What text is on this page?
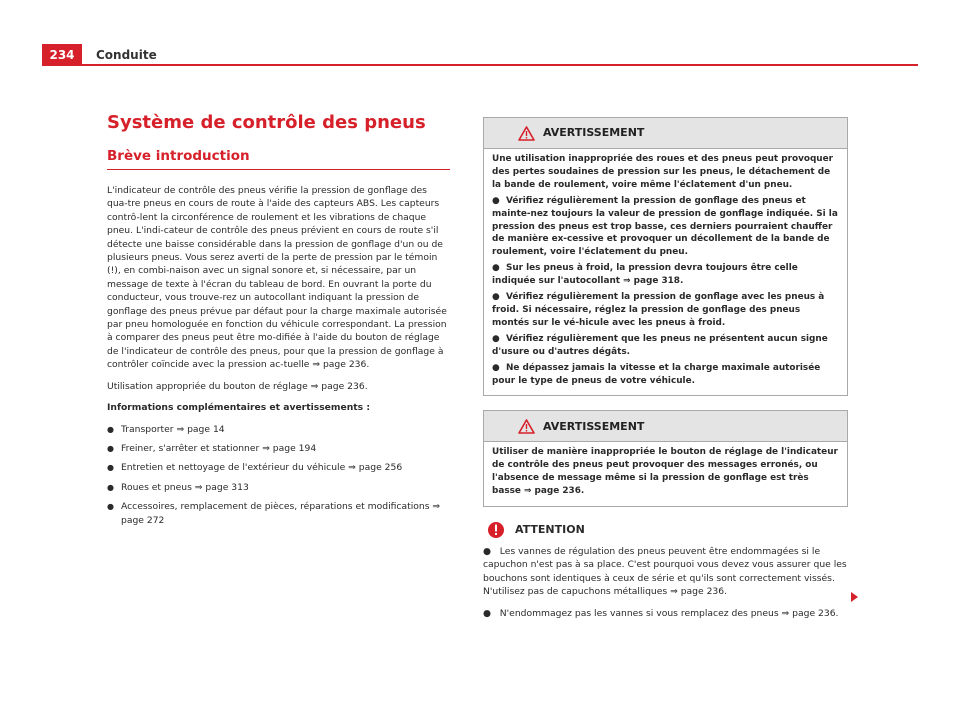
234	Conduite
Système de contrôle des pneus
Brève introduction

L'indicateur de contrôle des pneus vérifie la pression de gonflage des qua-tre pneus en cours de route à l'aide des capteurs ABS. Les capteurs contrô-lent la circonférence de roulement et les vibrations de chaque pneu. L'indi-cateur de contrôle des pneus prévient en cours de route s'il détecte une baisse considérable dans la pression de gonflage d'un ou de plusieurs pneus. Vous serez averti de la perte de pression par le témoin (!), en combi-naison avec un signal sonore et, si nécessaire, par un message de texte à l'écran du tableau de bord. En ouvrant la porte du conducteur, vous trouve-rez un autocollant indiquant la pression de gonflage des pneus prévue par défaut pour la charge maximale autorisée par pneu homologuée en fonction du véhicule correspondant. La pression à comparer des pneus peut être mo-difiée à l'aide du bouton de réglage de l'indicateur de contrôle des pneus, pour que la pression de gonflage à contrôler coïncide avec la pression ac-tuelle ⇒ page 236.

Utilisation appropriée du bouton de réglage ⇒ page 236.

Informations complémentaires et avertissements :

● Transporter ⇒ page 14
● Freiner, s'arrêter et stationner ⇒ page 194
● Entretien et nettoyage de l'extérieur du véhicule ⇒ page 256
● Roues et pneus ⇒ page 313
● Accessoires, remplacement de pièces, réparations et modifications ⇒ page 272
AVERTISSEMENT

Une utilisation inappropriée des roues et des pneus peut provoquer des pertes soudaines de pression sur les pneus, le détachement de la bande de roulement, voire même l'éclatement d'un pneu.

●  Vérifiez régulièrement la pression de gonflage des pneus et mainte-nez toujours la valeur de pression de gonflage indiquée. Si la pression des pneus est trop basse, ces derniers pourraient chauffer de manière ex-cessive et provoquer un décollement de la bande de roulement, voire l'éclatement du pneu.

●  Sur les pneus à froid, la pression devra toujours être celle indiquée sur l'autocollant ⇒ page 318.

●  Vérifiez régulièrement la pression de gonflage avec les pneus à froid. Si nécessaire, réglez la pression de gonflage des pneus montés sur le vé-hicule avec les pneus à froid.

●  Vérifiez régulièrement que les pneus ne présentent aucun signe d'usure ou d'autres dégâts.

●  Ne dépassez jamais la vitesse et la charge maximale autorisée pour le type de pneus de votre véhicule.

AVERTISSEMENT

Utiliser de manière inappropriée le bouton de réglage de l'indicateur de contrôle des pneus peut provoquer des messages erronés, ou l'absence de message même si la pression de gonflage est très basse ⇒ page 236.

ATTENTION

●   Les vannes de régulation des pneus peuvent être endommagées si le capuchon n'est pas à sa place. C'est pourquoi vous devez vous assurer que les bouchons sont identiques à ceux de série et qu'ils sont correctement vissés. N'utilisez pas de capuchons métalliques ⇒ page 236.

●   N'endommagez pas les vannes si vous remplacez des pneus ⇒ page 236.
